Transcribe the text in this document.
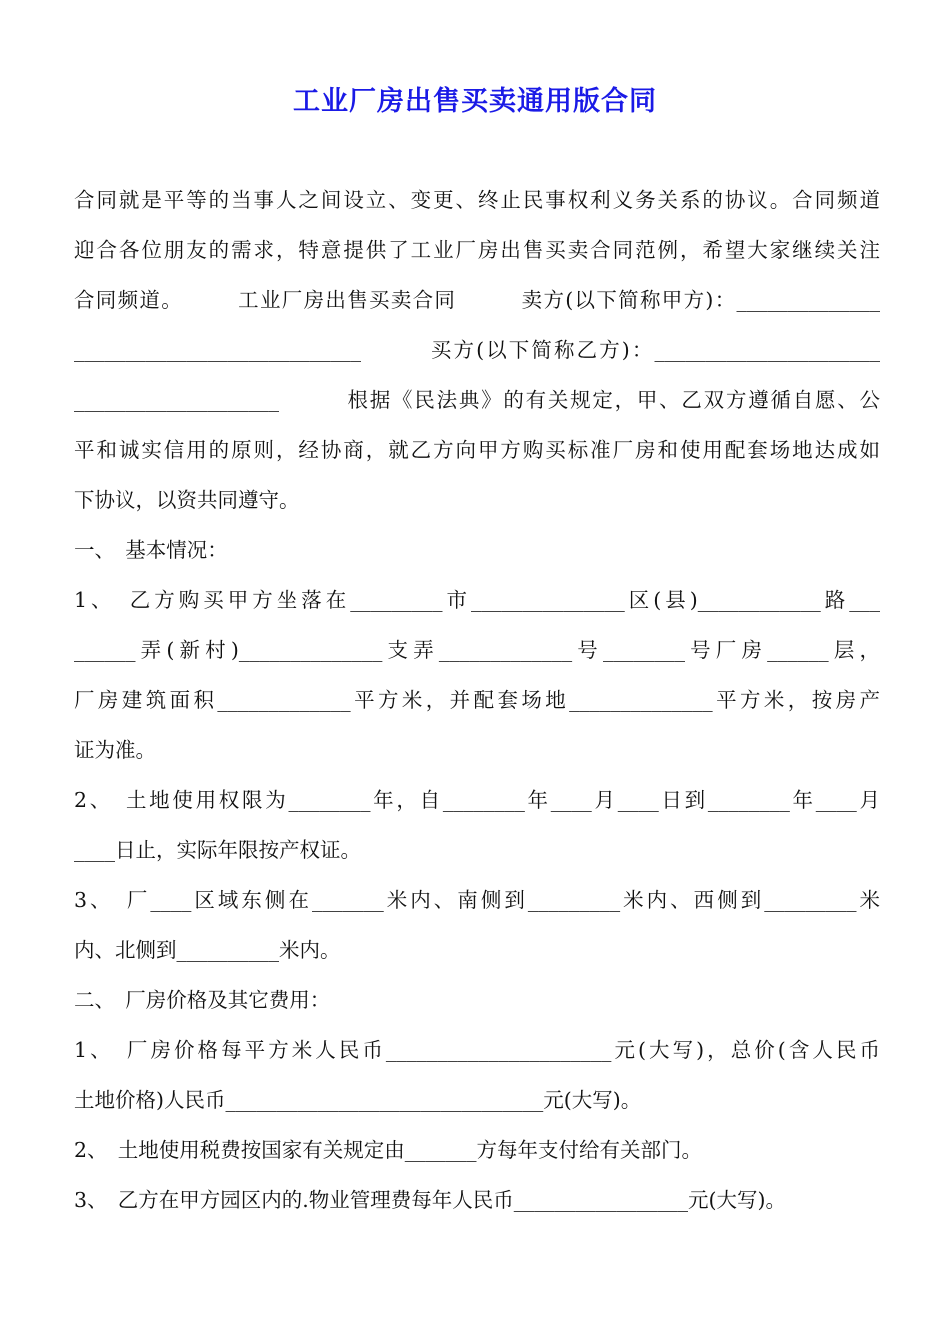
工业厂房出售买卖通用版合同
合同就是平等的当事人之间设立、变更、终止民事权利义务关系的协议。合同频道
迎合各位朋友的需求，特意提供了工业厂房出售买卖合同范例，希望大家继续关注
合同频道。　　　工业厂房出售买卖合同　　　卖方(以下简称甲方)：______________
____________________________　　　买方(以下简称乙方)：______________________
____________________　　　根据《民法典》的有关规定，甲、乙双方遵循自愿、公
平和诚实信用的原则，经协商，就乙方向甲方购买标准厂房和使用配套场地达成如
下协议，以资共同遵守。
一、　基本情况：
1、　乙方购买甲方坐落在_________市_______________区(县)____________路___
______弄(新村)______________支弄_____________号________号厂房______层，
厂房建筑面积_____________平方米，并配套场地______________平方米，按房产
证为准。
2、　土地使用权限为________年，自________年____月____日到________年____月
____日止，实际年限按产权证。
3、　厂____区域东侧在_______米内、南侧到_________米内、西侧到_________米
内、北侧到__________米内。
二、　厂房价格及其它费用：
1、　厂房价格每平方米人民币______________________元(大写)，总价(含人民币
土地价格)人民币_______________________________元(大写)。
2、　土地使用税费按国家有关规定由_______方每年支付给有关部门。
3、　乙方在甲方园区内的.物业管理费每年人民币_________________元(大写)。
